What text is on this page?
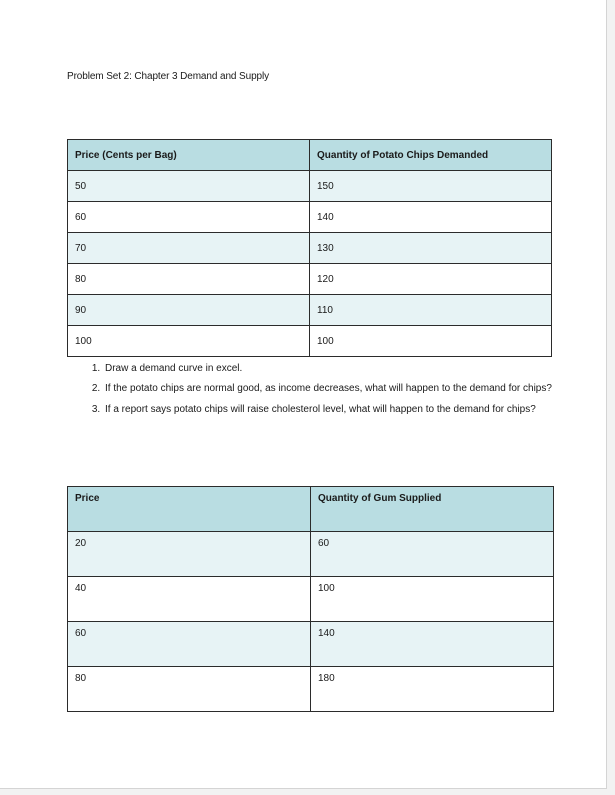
Problem Set 2: Chapter 3 Demand and Supply
Price (Cents per Bag)	Quantity of Potato Chips Demanded
50	150
60	140
70	130
80	120
90	110
100	100
1. Draw a demand curve in excel.
2. If the potato chips are normal good, as income decreases, what will happen to the demand for chips?
3. If a report says potato chips will raise cholesterol level, what will happen to the demand for chips?
Price	Quantity of Gum Supplied
20	60
40	100
60	140
80	180
